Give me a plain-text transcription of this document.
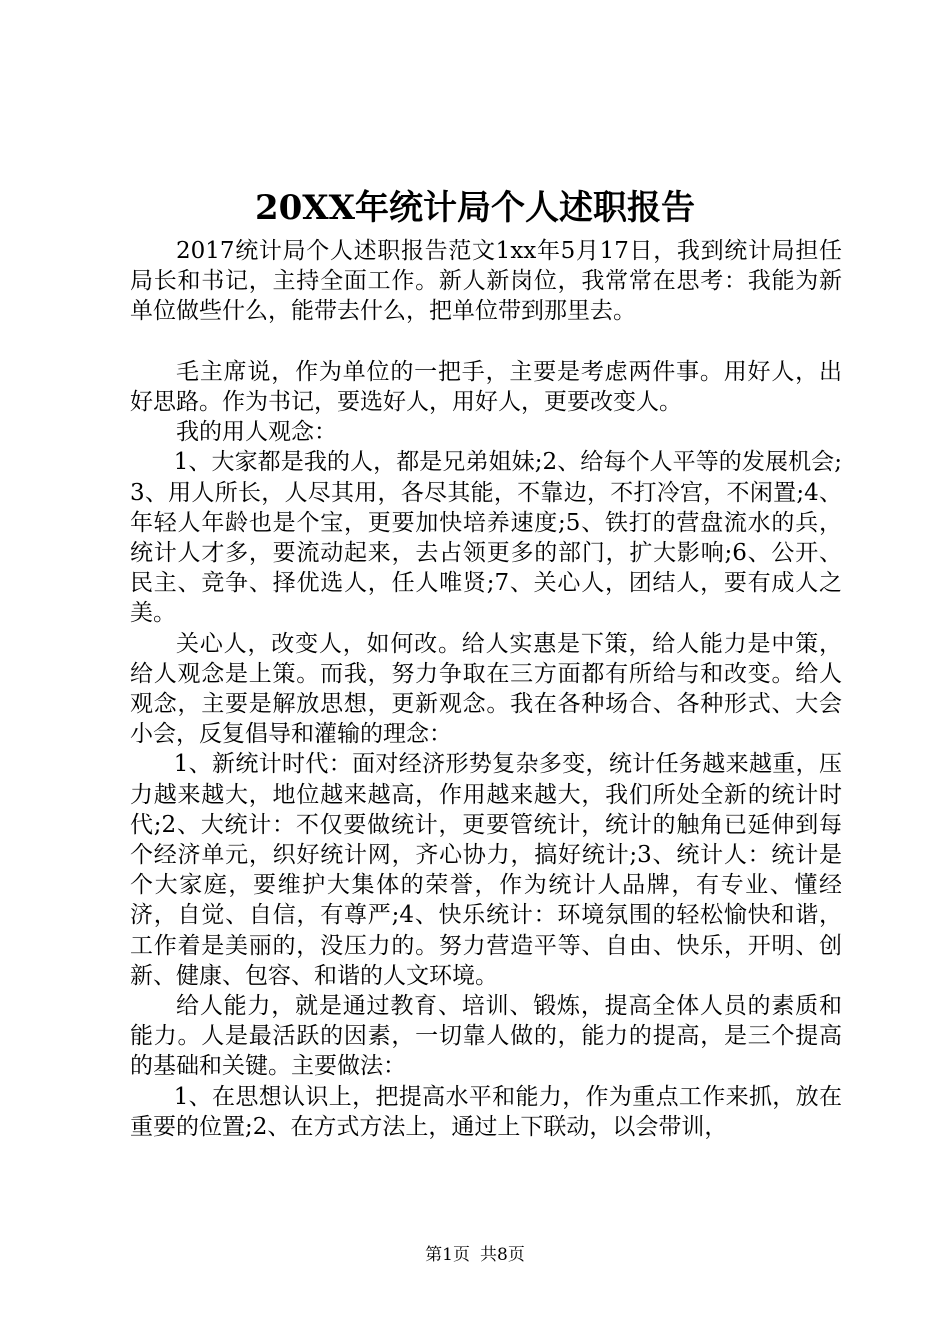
20XX年统计局个人述职报告

2017统计局个人述职报告范文1xx年5月17日，我到统计局担任局长和书记，主持全面工作。新人新岗位，我常常在思考：我能为新单位做些什么，能带去什么，把单位带到那里去。

毛主席说，作为单位的一把手，主要是考虑两件事。用好人，出好思路。作为书记，要选好人，用好人，更要改变人。

我的用人观念：

1、大家都是我的人，都是兄弟姐妹;2、给每个人平等的发展机会;3、用人所长，人尽其用，各尽其能，不靠边，不打冷宫，不闲置;4、年轻人年龄也是个宝，更要加快培养速度;5、铁打的营盘流水的兵，统计人才多，要流动起来，去占领更多的部门，扩大影响;6、公开、民主、竞争、择优选人，任人唯贤;7、关心人，团结人，要有成人之美。

关心人，改变人，如何改。给人实惠是下策，给人能力是中策，给人观念是上策。而我，努力争取在三方面都有所给与和改变。给人观念，主要是解放思想，更新观念。我在各种场合、各种形式、大会小会，反复倡导和灌输的理念：

1、新统计时代：面对经济形势复杂多变，统计任务越来越重，压力越来越大，地位越来越高，作用越来越大，我们所处全新的统计时代;2、大统计：不仅要做统计，更要管统计，统计的触角已延伸到每个经济单元，织好统计网，齐心协力，搞好统计;3、统计人：统计是个大家庭，要维护大集体的荣誉，作为统计人品牌，有专业、懂经济，自觉、自信，有尊严;4、快乐统计：环境氛围的轻松愉快和谐，工作着是美丽的，没压力的。努力营造平等、自由、快乐，开明、创新、健康、包容、和谐的人文环境。

给人能力，就是通过教育、培训、锻炼，提高全体人员的素质和能力。人是最活跃的因素，一切靠人做的，能力的提高，是三个提高的基础和关键。主要做法：

1、在思想认识上，把提高水平和能力，作为重点工作来抓，放在重要的位置;2、在方式方法上，通过上下联动，以会带训，

第1页 共8页
